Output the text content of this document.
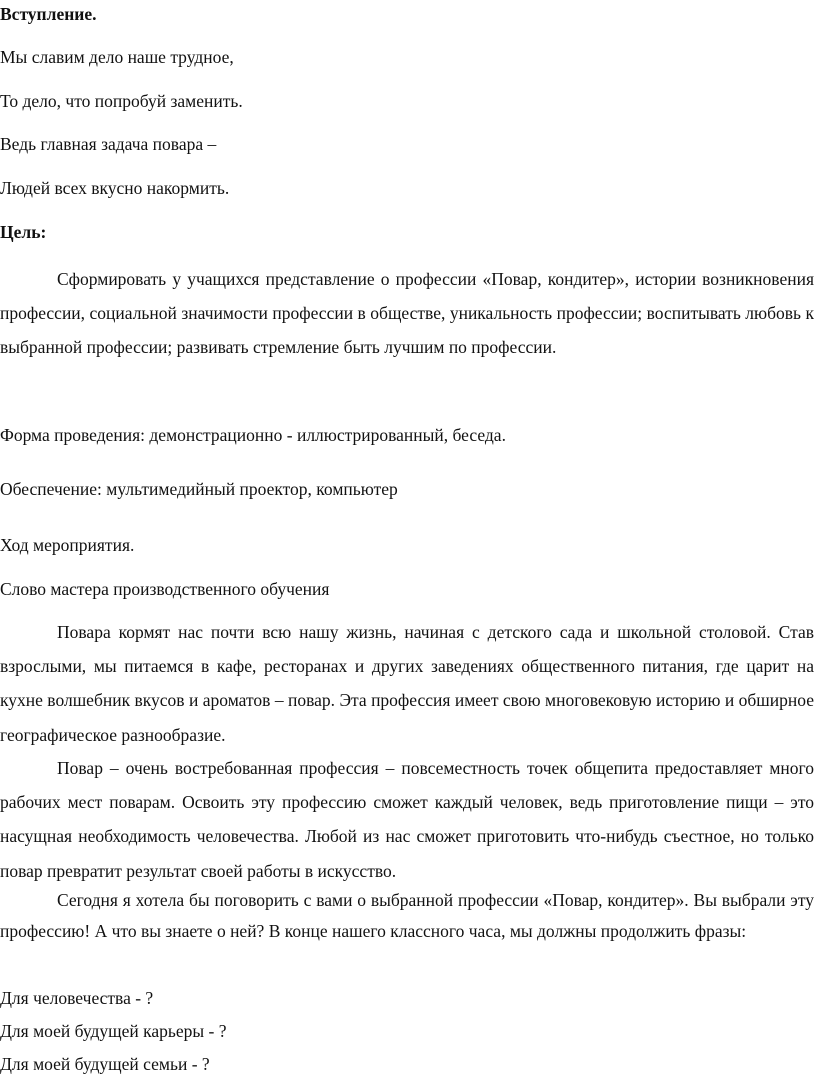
Вступление.
Мы славим дело наше трудное,
То дело, что попробуй заменить.
Ведь главная задача повара –
Людей всех вкусно накормить.
Цель:

Сформировать у учащихся представление о профессии «Повар, кондитер», истории возникновения профессии, социальной значимости профессии в обществе, уникальность профессии; воспитывать любовь к выбранной профессии; развивать стремление быть лучшим по профессии.

Форма проведения: демонстрационно - иллюстрированный, беседа.
Обеспечение: мультимедийный проектор, компьютер
Ход мероприятия.
Слово мастера производственного обучения

Повара кормят нас почти всю нашу жизнь, начиная с детского сада и школьной столовой. Став взрослыми, мы питаемся в кафе, ресторанах и других заведениях общественного питания, где царит на кухне волшебник вкусов и ароматов – повар. Эта профессия имеет свою многовековую историю и обширное географическое разнообразие.

Повар – очень востребованная профессия – повсеместность точек общепита предоставляет много рабочих мест поварам. Освоить эту профессию сможет каждый человек, ведь приготовление пищи – это насущная необходимость человечества. Любой из нас сможет приготовить что-нибудь съестное, но только повар превратит результат своей работы в искусство.

Сегодня я хотела бы поговорить с вами о выбранной профессии «Повар, кондитер». Вы выбрали эту профессию! А что вы знаете о ней? В конце нашего классного часа, мы должны продолжить фразы:

Для человечества - ?
Для моей будущей карьеры - ?
Для моей будущей семьи - ?
